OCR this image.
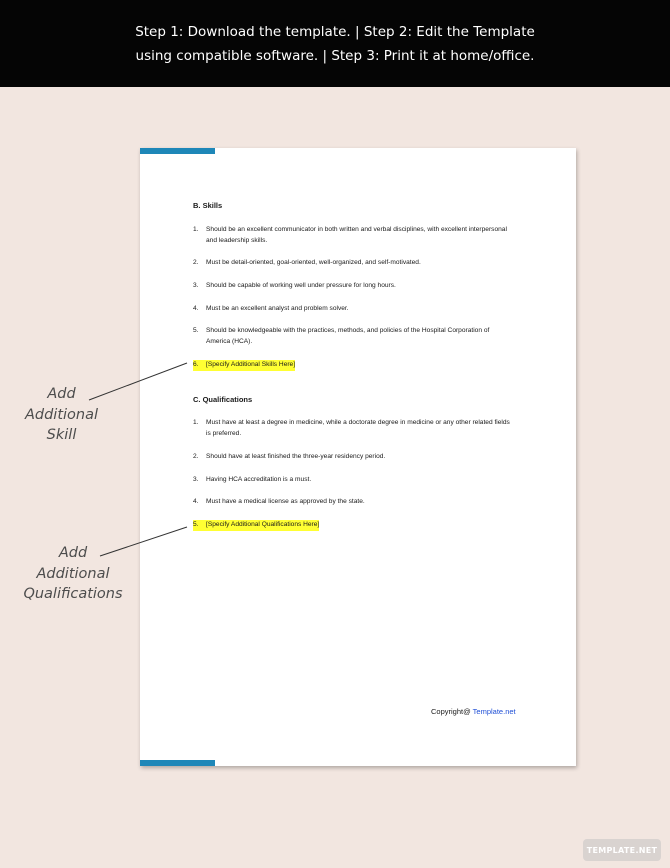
Step 1: Download the template. | Step 2: Edit the Template
using compatible software. | Step 3: Print it at home/office.
B. Skills
1.	Should be an excellent communicator in both written and verbal disciplines, with excellent interpersonal and leadership skills.
2.	Must be detail-oriented, goal-oriented, well-organized, and self-motivated.
3.	Should be capable of working well under pressure for long hours.
4.	Must be an excellent analyst and problem solver.
5.	Should be knowledgeable with the practices, methods, and policies of the Hospital Corporation of America (HCA).
6.	[Specify Additional Skills Here]
C. Qualifications
1.	Must have at least a degree in medicine, while a doctorate degree in medicine or any other related fields is preferred.
2.	Should have at least finished the three-year residency period.
3.	Having HCA accreditation is a must.
4.	Must have a medical license as approved by the state.
5.	[Specify Additional Qualifications Here]
Copyright@ Template.net
Add
Additional
Skill
Add
Additional
Qualifications
TEMPLATE.NET
